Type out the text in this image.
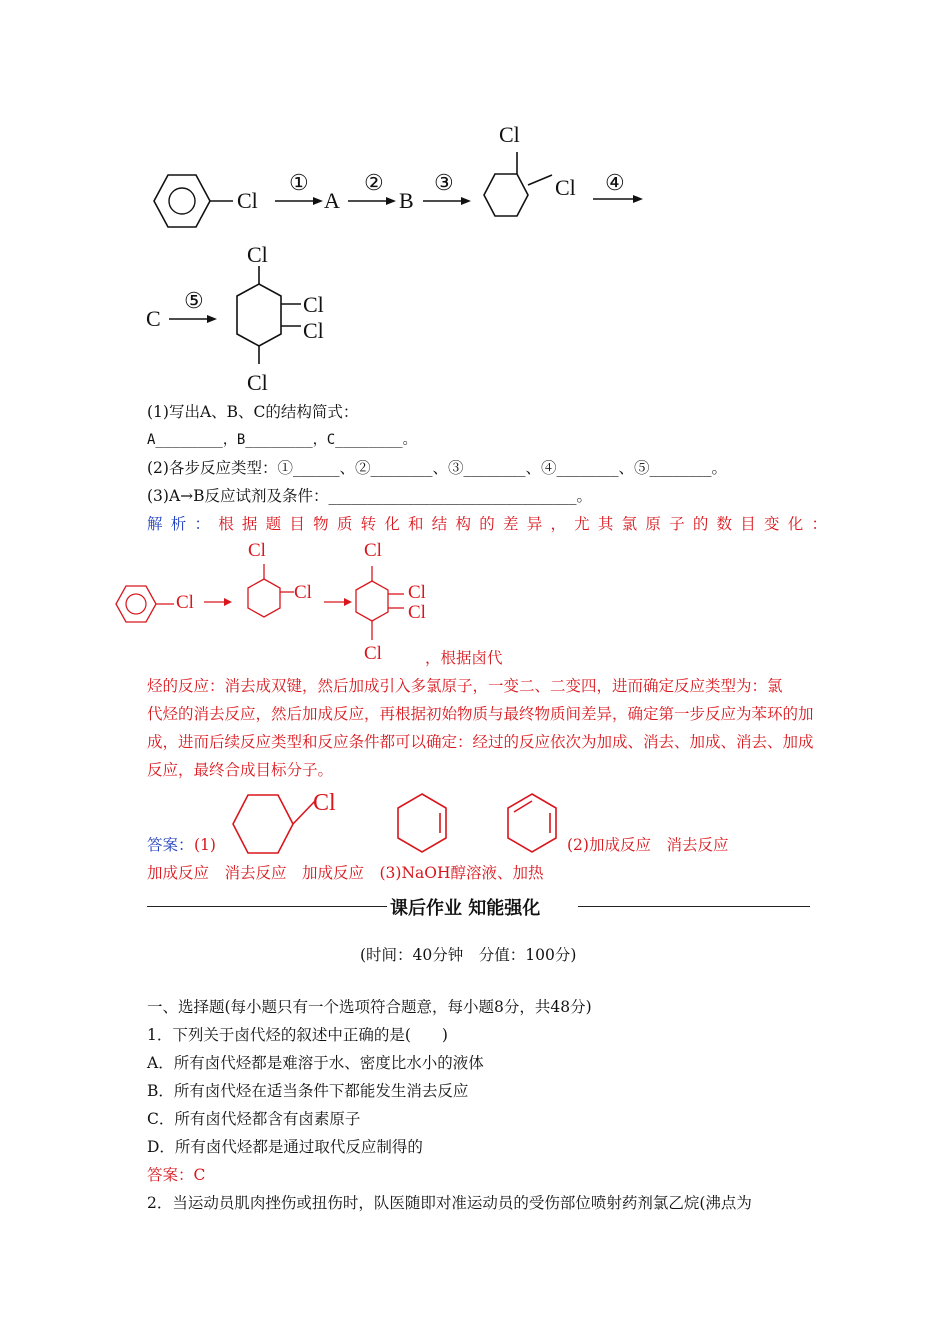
Cl
①
A
②
B
③
Cl
Cl ④
C
⑤
Cl
Cl
Cl
Cl
(1)写出A、B、C的结构简式：
A________，B________，C________。
(2)各步反应类型：①______、②________、③________、④________、⑤________。
(3)A→B反应试剂及条件：________________________________。
解析：根据题目物质转化和结构的差异，尤其氯原子的数目变化：
Cl
Cl
Cl
Cl
Cl
Cl
Cl	，根据卤代
烃的反应：消去成双键，然后加成引入多氯原子，一变二、二变四，进而确定反应类型为：氯
代烃的消去反应，然后加成反应，再根据初始物质与最终物质间差异，确定第一步反应为苯环的加
成，进而后续反应类型和反应条件都可以确定：经过的反应依次为加成、消去、加成、消去、加成
反应，最终合成目标分子。
答案： (1)
Cl
(2)加成反应　消去反应
加成反应　消去反应　加成反应　(3)NaOH醇溶液、加热
课后作业 知能强化
(时间：40分钟　分值：100分)
一、选择题(每小题只有一个选项符合题意，每小题8分，共48分)
1．下列关于卤代烃的叙述中正确的是(　　)
A．所有卤代烃都是难溶于水、密度比水小的液体
B．所有卤代烃在适当条件下都能发生消去反应
C．所有卤代烃都含有卤素原子
D．所有卤代烃都是通过取代反应制得的
答案：C
2．当运动员肌肉挫伤或扭伤时，队医随即对准运动员的受伤部位喷射药剂氯乙烷(沸点为
